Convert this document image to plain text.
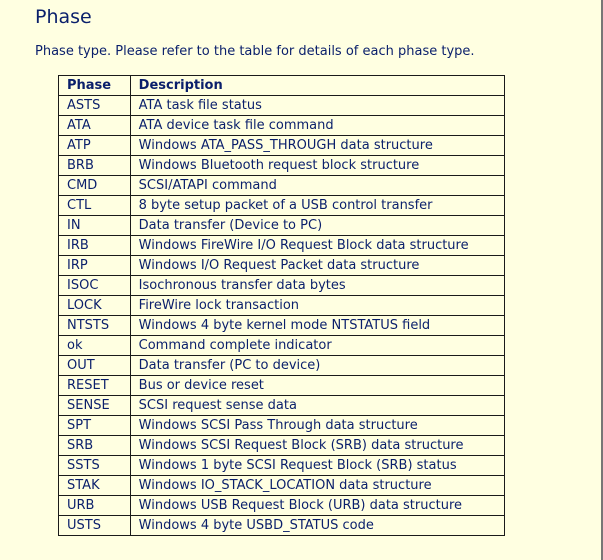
Phase

Phase type. Please refer to the table for details of each phase type.

Phase	Description
ASTS	ATA task file status
ATA	ATA device task file command
ATP	Windows ATA_PASS_THROUGH data structure
BRB	Windows Bluetooth request block structure
CMD	SCSI/ATAPI command
CTL	8 byte setup packet of a USB control transfer
IN	Data transfer (Device to PC)
IRB	Windows FireWire I/O Request Block data structure
IRP	Windows I/O Request Packet data structure
ISOC	Isochronous transfer data bytes
LOCK	FireWire lock transaction
NTSTS	Windows 4 byte kernel mode NTSTATUS field
ok	Command complete indicator
OUT	Data transfer (PC to device)
RESET	Bus or device reset
SENSE	SCSI request sense data
SPT	Windows SCSI Pass Through data structure
SRB	Windows SCSI Request Block (SRB) data structure
SSTS	Windows 1 byte SCSI Request Block (SRB) status
STAK	Windows IO_STACK_LOCATION data structure
URB	Windows USB Request Block (URB) data structure
USTS	Windows 4 byte USBD_STATUS code
